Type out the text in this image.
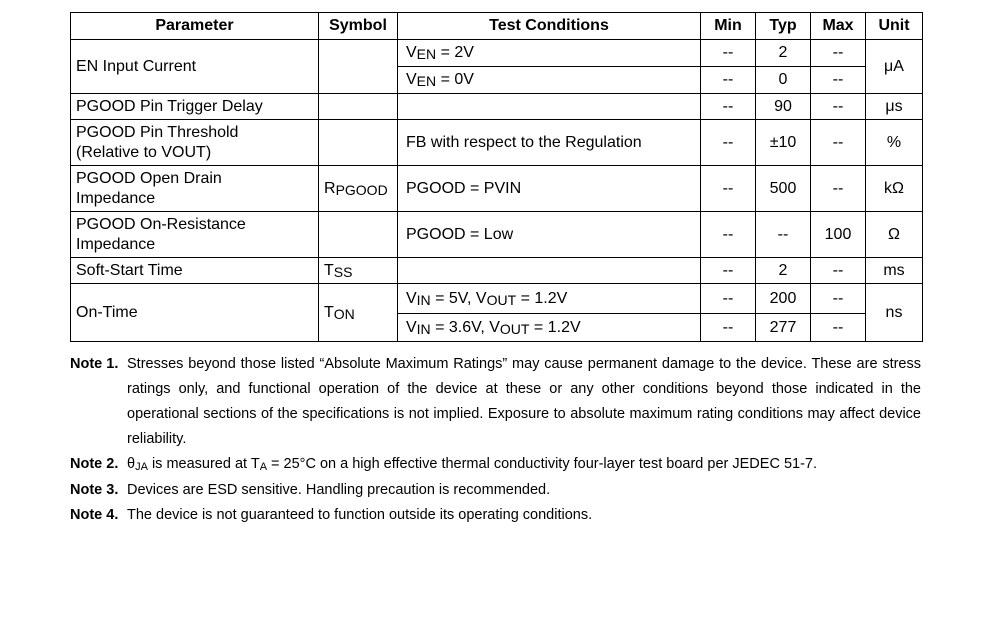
Parameter	Symbol	Test Conditions	Min	Typ	Max	Unit
EN Input Current		VEN = 2V	--	2	--	μA
		VEN = 0V	--	0	--	
PGOOD Pin Trigger Delay			--	90	--	μs

PGOOD Pin Threshold
(Relative to VOUT)		FB with respect to the Regulation	--	±10	--	%

PGOOD Open Drain
Impedance	RPGOOD	PGOOD = PVIN	--	500	--	kΩ

PGOOD On-Resistance
Impedance		PGOOD = Low	--	--	100	Ω
Soft-Start Time	TSS		--	2	--	ms
On-Time	TON	VIN = 5V, VOUT = 1.2V	--	200	--	ns
		VIN = 3.6V, VOUT = 1.2V	--	277	--	
Note 1. Stresses beyond those listed “Absolute Maximum Ratings” may cause permanent damage to the device. These are stress ratings only, and functional operation of the device at these or any other conditions beyond those indicated in the operational sections of the specifications is not implied. Exposure to absolute maximum rating conditions may affect device reliability.
Note 2. θJA is measured at TA = 25°C on a high effective thermal conductivity four-layer test board per JEDEC 51-7.
Note 3. Devices are ESD sensitive. Handling precaution is recommended.
Note 4. The device is not guaranteed to function outside its operating conditions.
